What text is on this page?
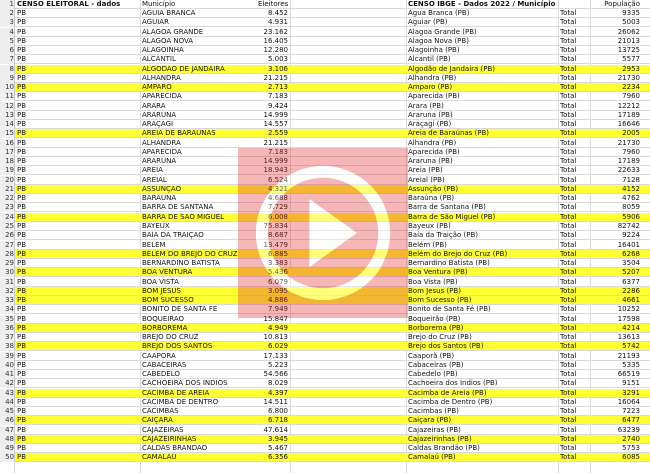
1 CENSO ELEITORAL - dados	Município	Eleitores	CENSO IBGE - Dados 2022 / Município	População
2 PB	AGUIA BRANCA	8.452	Água Branca (PB)	Total	9335
3 PB	AGUIAR	4.931	Aguiar (PB)	Total	5003
4 PB	ALAGOA GRANDE	23.162	Alagoa Grande (PB)	Total	26062
5 PB	ALAGOA NOVA	16.405	Alagoa Nova (PB)	Total	21013
6 PB	ALAGOINHA	12.280	Alagoinha (PB)	Total	13725
7 PB	ALCANTIL	5.003	Alcantil (PB)	Total	5577
8 PB	ALGODÃO DE JANDAIRA	3.106	Algodão de Jandaíra (PB)	Total	2953
9 PB	ALHANDRA	21.215	Alhandra (PB)	Total	21730
10 PB	AMPARO	2.713	Amparo (PB)	Total	2234
11 PB	APARECIDA	7.183	Aparecida (PB)	Total	7960
12 PB	ARARA	9.424	Arara (PB)	Total	12212
13 PB	ARARUNA	14.999	Araruna (PB)	Total	17189
14 PB	ARAÇAGI	14.557	Araçagi (PB)	Total	16646
15 PB	AREIA DE BARAÚNAS	2.559	Areia de Baraúnas (PB)	Total	2005
16 PB	ALHANDRA	21.215	Alhandra (PB)	Total	21730
17 PB	APARECIDA	7.183	Aparecida (PB)	Total	7960
18 PB	ARARUNA	14.999	Araruna (PB)	Total	17189
19 PB	AREIA	18.943	Areia (PB)	Total	22633
20 PB	AREIAL	6.524	Areial (PB)	Total	7128
21 PB	ASSUNÇÃO	4.321	Assunção (PB)	Total	4152
22 PB	BARAÚNA	4.688	Baraúna (PB)	Total	4762
23 PB	BARRA DE SANTANA	7.729	Barra de Santana (PB)	Total	8059
24 PB	BARRA DE SÃO MIGUEL	6.008	Barra de São Miguel (PB)	Total	5906
25 PB	BAYEUX	75.834	Bayeux (PB)	Total	82742
26 PB	BAÍA DA TRAIÇÃO	8.687	Baía da Traição (PB)	Total	9224
27 PB	BELÉM	13.479	Belém (PB)	Total	16401
28 PB	BELÉM DO BREJO DO CRUZ	6.885	Belém do Brejo do Cruz (PB)	Total	6268
29 PB	BERNARDINO BATISTA	3.383	Bernardino Batista (PB)	Total	3504
30 PB	BOA VENTURA	5.436	Boa Ventura (PB)	Total	5207
31 PB	BOA VISTA	6.079	Boa Vista (PB)	Total	6377
32 PB	BOM JESUS	3.095	Bom Jesus (PB)	Total	2286
33 PB	BOM SUCESSO	4.886	Bom Sucesso (PB)	Total	4661
34 PB	BONITO DE SANTA FÉ	7.949	Bonito de Santa Fé (PB)	Total	10252
35 PB	BOQUEIRÃO	15.847	Boqueirão (PB)	Total	17598
36 PB	BORBOREMA	4.949	Borborema (PB)	Total	4214
37 PB	BREJO DO CRUZ	10.813	Brejo do Cruz (PB)	Total	13613
38 PB	BREJO DOS SANTOS	6.029	Brejo dos Santos (PB)	Total	5742
39 PB	CAAPORÃ	17.133	Caaporã (PB)	Total	21193
40 PB	CABACEIRAS	5.223	Cabaceiras (PB)	Total	5335
41 PB	CABEDELO	54.566	Cabedelo (PB)	Total	66519
42 PB	CACHOEIRA DOS INDIOS	8.029	Cachoeira dos Índios (PB)	Total	9151
43 PB	CACIMBA DE AREIA	4.397	Cacimba de Areia (PB)	Total	3291
44 PB	CACIMBA DE DENTRO	14.511	Cacimba de Dentro (PB)	Total	16064
45 PB	CACIMBAS	6.800	Cacimbas (PB)	Total	7223
46 PB	CAIÇARA	6.718	Caiçara (PB)	Total	6477
47 PB	CAJAZEIRAS	47.614	Cajazeiras (PB)	Total	63239
48 PB	CAJAZEIRINHAS	3.945	Cajazeirinhas (PB)	Total	2740
49 PB	CALDAS BRANDÃO	5.467	Caldas Brandão (PB)	Total	5753
50 PB	CAMALAÚ	6.356	Camalaú (PB)	Total	6085
